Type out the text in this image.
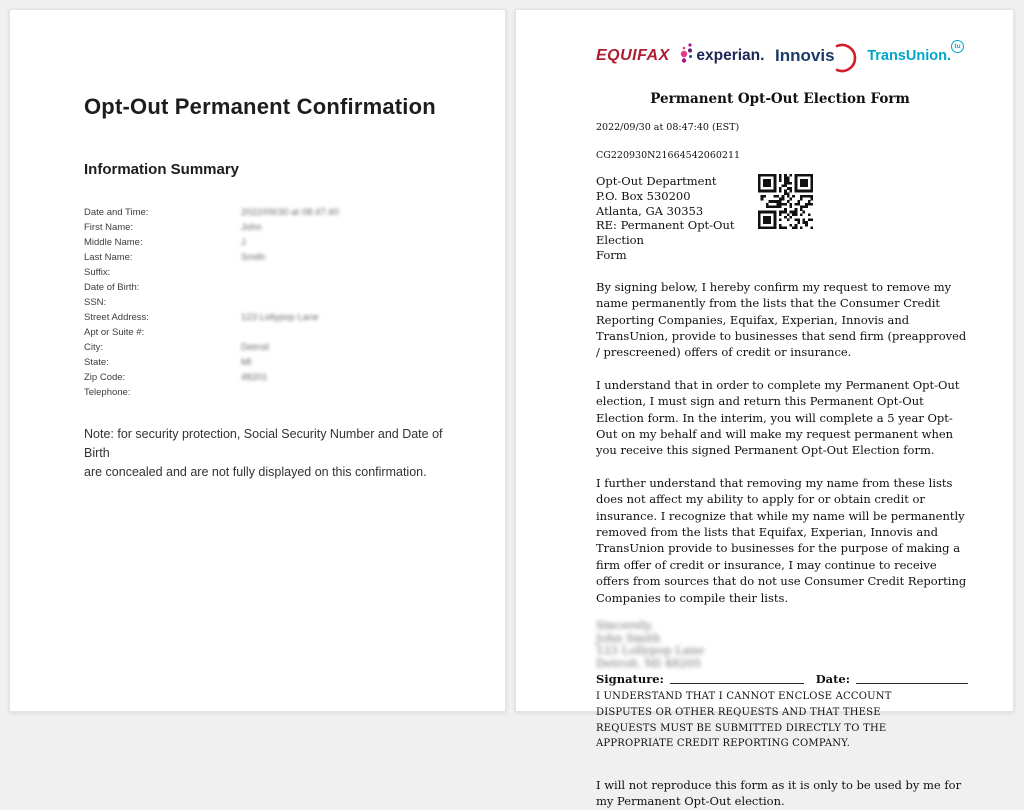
Opt-Out Permanent Confirmation
Information Summary
Date and Time:	2022/09/30 at 08:47:40
First Name:	John
Middle Name:	J
Last Name:	Smith
Suffix:
Date of Birth:
SSN:
Street Address:	123 Lollypop Lane
Apt or Suite #:
City:	Detroit
State:	MI
Zip Code:	48201
Telephone:
Note: for security protection, Social Security Number and Date of Birth
are concealed and are not fully displayed on this confirmation.
EQUIFAX experian. Innovis TransUnion.
tu
Permanent Opt-Out Election Form
2022/09/30 at 08:47:40 (EST)
CG220930N21664542060211
Opt-Out Department
P.O. Box 530200
Atlanta, GA 30353
RE: Permanent Opt-Out Election
Form
By signing below, I hereby confirm my request to remove my name permanently from the lists that the Consumer Credit Reporting Companies, Equifax, Experian, Innovis and TransUnion, provide to businesses that send firm (preapproved / prescreened) offers of credit or insurance.
I understand that in order to complete my Permanent Opt-Out election, I must sign and return this Permanent Opt-Out Election form. In the interim, you will complete a 5 year Opt-Out on my behalf and will make my request permanent when you receive this signed Permanent Opt-Out Election form.
I further understand that removing my name from these lists does not affect my ability to apply for or obtain credit or insurance. I recognize that while my name will be permanently removed from the lists that Equifax, Experian, Innovis and TransUnion provide to businesses for the purpose of making a firm offer of credit or insurance, I may continue to receive offers from sources that do not use Consumer Credit Reporting Companies to compile their lists.
Sincerely,
John Smith
123 Lollypop Lane
Detroit, MI 48205
Signature:	Date:
I UNDERSTAND THAT I CANNOT ENCLOSE ACCOUNT DISPUTES OR OTHER REQUESTS AND THAT THESE REQUESTS MUST BE SUBMITTED DIRECTLY TO THE APPROPRIATE CREDIT REPORTING COMPANY.
I will not reproduce this form as it is only to be used by me for my Permanent Opt-Out election.
